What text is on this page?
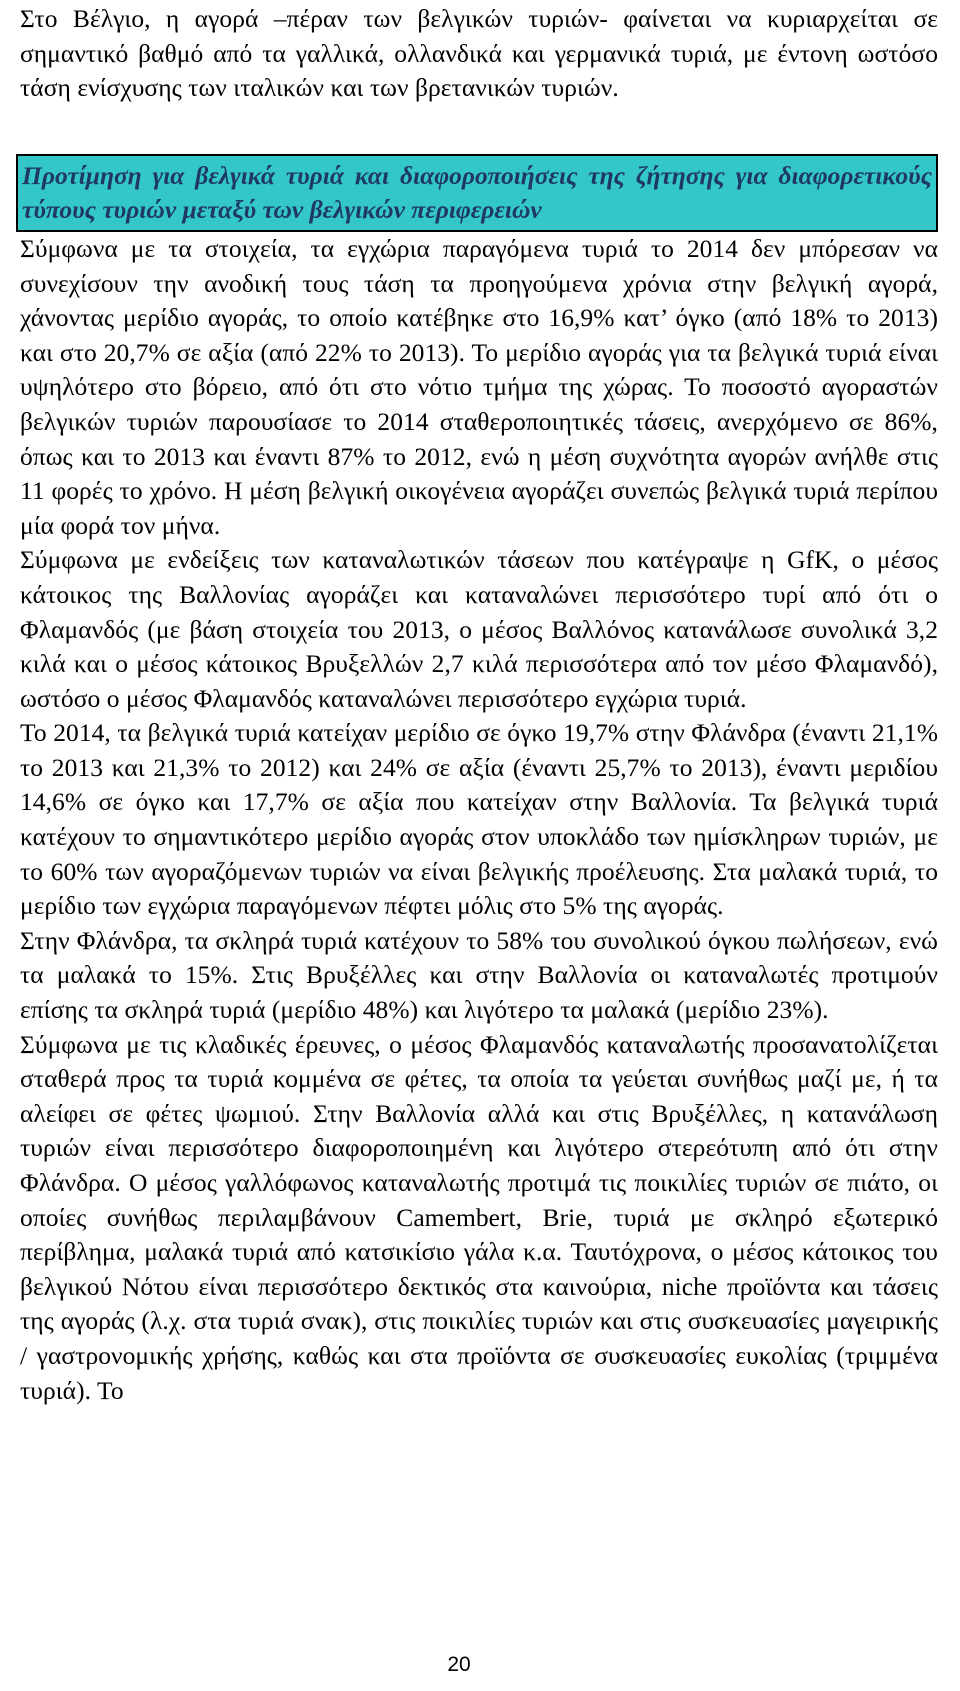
Στο Βέλγιο, η αγορά –πέραν των βελγικών τυριών- φαίνεται να κυριαρχείται σε σημαντικό βαθμό από τα γαλλικά, ολλανδικά και γερμανικά τυριά, με έντονη ωστόσο τάση ενίσχυσης των ιταλικών και των βρετανικών τυριών.

Προτίμηση για βελγικά τυριά και διαφοροποιήσεις της ζήτησης για διαφορετικούς τύπους τυριών μεταξύ των βελγικών περιφερειών

Σύμφωνα με τα στοιχεία, τα εγχώρια παραγόμενα τυριά το 2014 δεν μπόρεσαν να συνεχίσουν την ανοδική τους τάση τα προηγούμενα χρόνια στην βελγική αγορά, χάνοντας μερίδιο αγοράς, το οποίο κατέβηκε στο 16,9% κατ’ όγκο (από 18% το 2013) και στο 20,7% σε αξία (από 22% το 2013). Το μερίδιο αγοράς για τα βελγικά τυριά είναι υψηλότερο στο βόρειο, από ότι στο νότιο τμήμα της χώρας. Το ποσοστό αγοραστών βελγικών τυριών παρουσίασε το 2014 σταθεροποιητικές τάσεις, ανερχόμενο σε 86%, όπως και το 2013 και έναντι 87% το 2012, ενώ η μέση συχνότητα αγορών ανήλθε στις 11 φορές το χρόνο. Η μέση βελγική οικογένεια αγοράζει συνεπώς βελγικά τυριά περίπου μία φορά τον μήνα.

Σύμφωνα με ενδείξεις των καταναλωτικών τάσεων που κατέγραψε η GfK, ο μέσος κάτοικος της Βαλλονίας αγοράζει και καταναλώνει περισσότερο τυρί από ότι ο Φλαμανδός (με βάση στοιχεία του 2013, ο μέσος Βαλλόνος κατανάλωσε συνολικά 3,2 κιλά και ο μέσος κάτοικος Βρυξελλών 2,7 κιλά περισσότερα από τον μέσο Φλαμανδό), ωστόσο ο μέσος Φλαμανδός καταναλώνει περισσότερο εγχώρια τυριά.

Το 2014, τα βελγικά τυριά κατείχαν μερίδιο σε όγκο 19,7% στην Φλάνδρα (έναντι 21,1% το 2013 και 21,3% το 2012) και 24% σε αξία (έναντι 25,7% το 2013), έναντι μεριδίου 14,6% σε όγκο και 17,7% σε αξία που κατείχαν στην Βαλλονία. Τα βελγικά τυριά κατέχουν το σημαντικότερο μερίδιο αγοράς στον υποκλάδο των ημίσκληρων τυριών, με το 60% των αγοραζόμενων τυριών να είναι βελγικής προέλευσης. Στα μαλακά τυριά, το μερίδιο των εγχώρια παραγόμενων πέφτει μόλις στο 5% της αγοράς.

Στην Φλάνδρα, τα σκληρά τυριά κατέχουν το 58% του συνολικού όγκου πωλήσεων, ενώ τα μαλακά το 15%. Στις Βρυξέλλες και στην Βαλλονία οι καταναλωτές προτιμούν επίσης τα σκληρά τυριά (μερίδιο 48%) και λιγότερο τα μαλακά (μερίδιο 23%).

Σύμφωνα με τις κλαδικές έρευνες, ο μέσος Φλαμανδός καταναλωτής προσανατολίζεται σταθερά προς τα τυριά κομμένα σε φέτες, τα οποία τα γεύεται συνήθως μαζί με, ή τα αλείφει σε φέτες ψωμιού. Στην Βαλλονία αλλά και στις Βρυξέλλες, η κατανάλωση τυριών είναι περισσότερο διαφοροποιημένη και λιγότερο στερεότυπη από ότι στην Φλάνδρα. Ο μέσος γαλλόφωνος καταναλωτής προτιμά τις ποικιλίες τυριών σε πιάτο, οι οποίες συνήθως περιλαμβάνουν Camembert, Brie, τυριά με σκληρό εξωτερικό περίβλημα, μαλακά τυριά από κατσικίσιο γάλα κ.α. Ταυτόχρονα, ο μέσος κάτοικος του βελγικού Νότου είναι περισσότερο δεκτικός στα καινούρια, niche προϊόντα και τάσεις της αγοράς (λ.χ. στα τυριά σνακ), στις ποικιλίες τυριών και στις συσκευασίες μαγειρικής / γαστρονομικής χρήσης, καθώς και στα προϊόντα σε συσκευασίες ευκολίας (τριμμένα τυριά). Το

20
